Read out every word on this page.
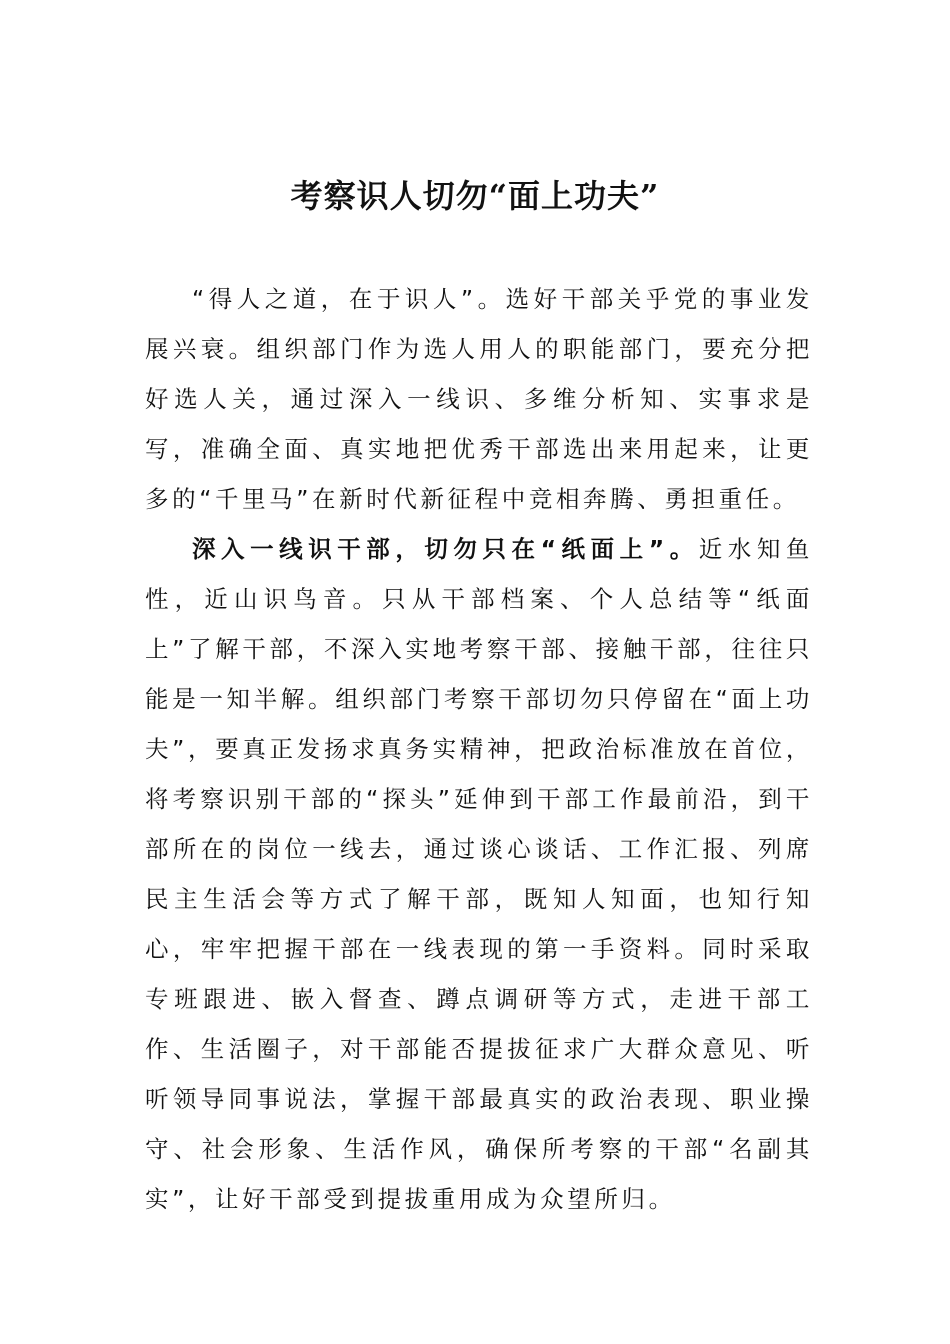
考察识人切勿“面上功夫”

“得人之道，在于识人”。选好干部关乎党的事业发展兴衰。组织部门作为选人用人的职能部门，要充分把好选人关，通过深入一线识、多维分析知、实事求是写，准确全面、真实地把优秀干部选出来用起来，让更多的“千里马”在新时代新征程中竞相奔腾、勇担重任。

深入一线识干部，切勿只在“纸面上”。近水知鱼性，近山识鸟音。只从干部档案、个人总结等“纸面上”了解干部，不深入实地考察干部、接触干部，往往只能是一知半解。组织部门考察干部切勿只停留在“面上功夫”，要真正发扬求真务实精神，把政治标准放在首位，将考察识别干部的“探头”延伸到干部工作最前沿，到干部所在的岗位一线去，通过谈心谈话、工作汇报、列席民主生活会等方式了解干部，既知人知面，也知行知心，牢牢把握干部在一线表现的第一手资料。同时采取专班跟进、嵌入督查、蹲点调研等方式，走进干部工作、生活圈子，对干部能否提拔征求广大群众意见、听听领导同事说法，掌握干部最真实的政治表现、职业操守、社会形象、生活作风，确保所考察的干部“名副其实”，让好干部受到提拔重用成为众望所归。
